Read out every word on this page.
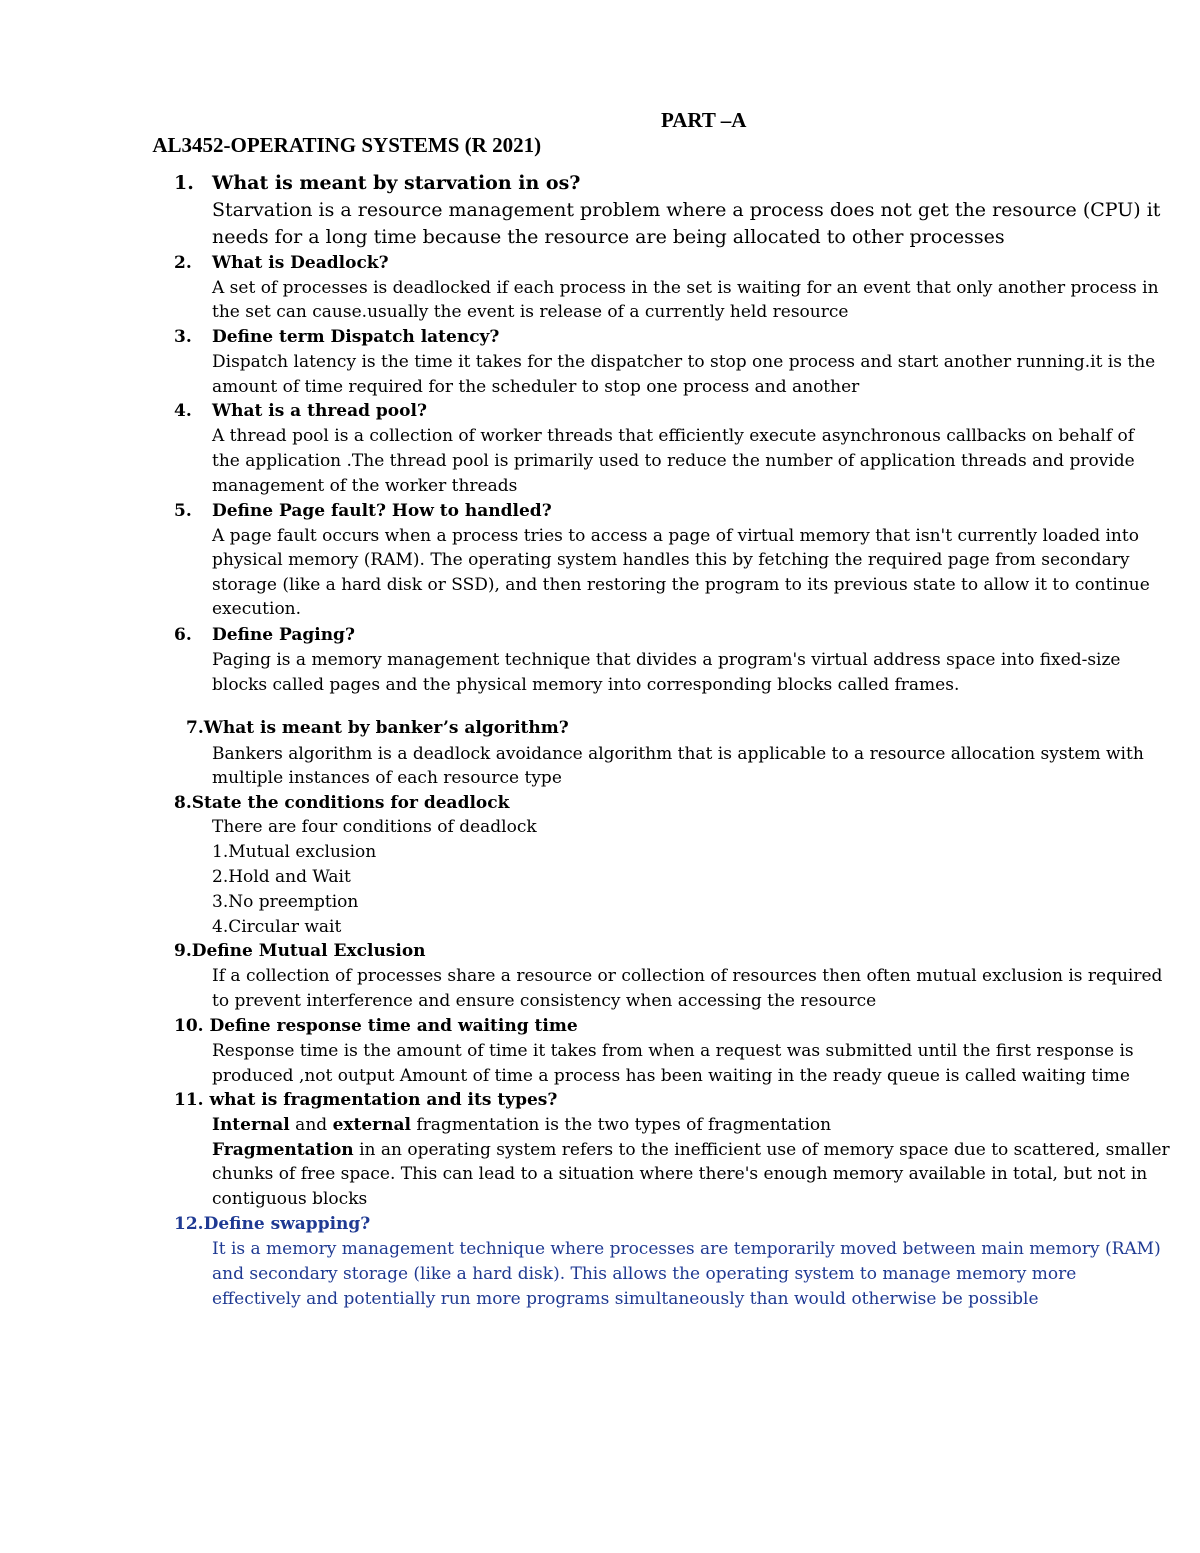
AL3452-OPERATING SYSTEMS (R 2021)

PART –A
1. What is meant by starvation in os?
Starvation is a resource management problem where a process does not get the resource (CPU) it
needs for a long time because the resource are being allocated to other processes
2. What is Deadlock?
A set of processes is deadlocked if each process in the set is waiting for an event that only another process in
the set can cause.usually the event is release of a currently held resource
3. Define term Dispatch latency?
Dispatch latency is the time it takes for the dispatcher to stop one process and start another running.it is the
amount of time required for the scheduler to stop one process and another
4. What is a thread pool?
A thread pool is a collection of worker threads that efficiently execute asynchronous callbacks on behalf of
the application .The thread pool is primarily used to reduce the number of application threads and provide
management of the worker threads
5. Define Page fault? How to handled?
A page fault occurs when a process tries to access a page of virtual memory that isn't currently loaded into
physical memory (RAM). The operating system handles this by fetching the required page from secondary
storage (like a hard disk or SSD), and then restoring the program to its previous state to allow it to continue
execution.
6. Define Paging?
Paging is a memory management technique that divides a program's virtual address space into fixed-size
blocks called pages and the physical memory into corresponding blocks called frames.
7.What is meant by banker’s algorithm?
Bankers algorithm is a deadlock avoidance algorithm that is applicable to a resource allocation system with
multiple instances of each resource type
8.State the conditions for deadlock
There are four conditions of deadlock
1.Mutual exclusion
2.Hold and Wait
3.No preemption
4.Circular wait
9.Define Mutual Exclusion
If a collection of processes share a resource or collection of resources then often mutual exclusion is required
to prevent interference and ensure consistency when accessing the resource
10. Define response time and waiting time
Response time is the amount of time it takes from when a request was submitted until the first response is
produced ,not output Amount of time a process has been waiting in the ready queue is called waiting time
11. what is fragmentation and its types?
Internal and external fragmentation is the two types of fragmentation
Fragmentation in an operating system refers to the inefficient use of memory space due to scattered, smaller
chunks of free space. This can lead to a situation where there's enough memory available in total, but not in
contiguous blocks
12.Define swapping?
It is a memory management technique where processes are temporarily moved between main memory (RAM)
and secondary storage (like a hard disk). This allows the operating system to manage memory more
effectively and potentially run more programs simultaneously than would otherwise be possible
